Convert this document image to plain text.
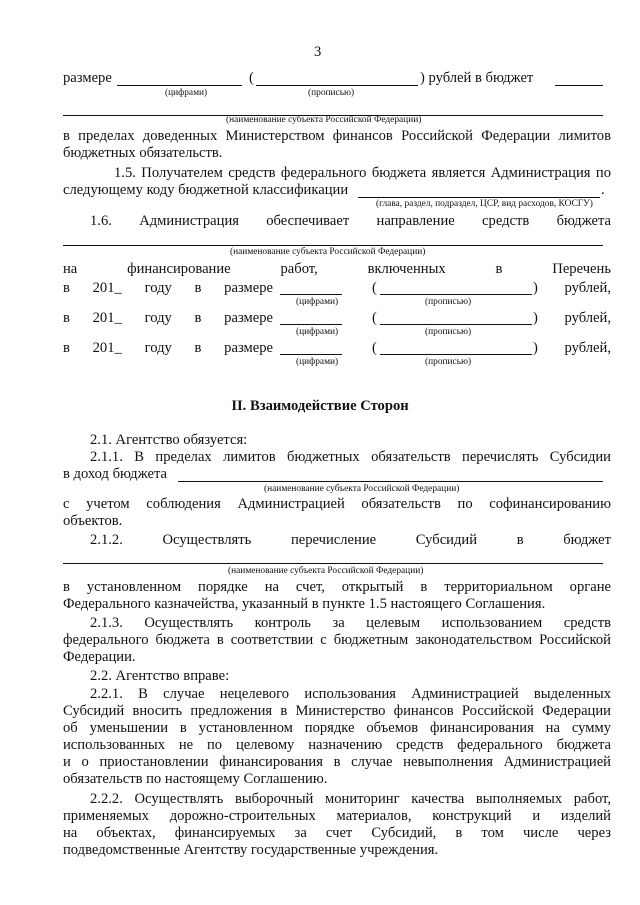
3
размере	(	) рублей в бюджет
(цифрами)	(прописью)
(наименование субъекта Российской Федерации)
в пределах доведенных Министерством финансов Российской Федерации лимитов
бюджетных обязательств.
1.5. Получателем средств федерального бюджета является Администрация по
следующему коду бюджетной классификации	.
(глава, раздел, подраздел, ЦСР, вид расходов, КОСГУ)
1.6. Администрация обеспечивает направление средств бюджета
(наименование субъекта Российской Федерации)
на финансирование работ, включенных в Перечень
в 201_ году в размере	(	) рублей,
(цифрами)	(прописью)
в 201_ году в размере	(	) рублей,
(цифрами)	(прописью)
в 201_ году в размере	(	) рублей,
(цифрами)	(прописью)
II. Взаимодействие Сторон
2.1. Агентство обязуется:
2.1.1. В пределах лимитов бюджетных обязательств перечислять Субсидии
в доход бюджета
(наименование субъекта Российской Федерации)
с учетом соблюдения Администрацией обязательств по софинансированию
объектов.
2.1.2. Осуществлять перечисление Субсидий в бюджет
(наименование субъекта Российской Федерации)
в установленном порядке на счет, открытый в территориальном органе
Федерального казначейства, указанный в пункте 1.5 настоящего Соглашения.
2.1.3. Осуществлять контроль за целевым использованием средств
федерального бюджета в соответствии с бюджетным законодательством Российской
Федерации.
2.2. Агентство вправе:
2.2.1. В случае нецелевого использования Администрацией выделенных
Субсидий вносить предложения в Министерство финансов Российской Федерации
об уменьшении в установленном порядке объемов финансирования на сумму
использованных не по целевому назначению средств федерального бюджета
и о приостановлении финансирования в случае невыполнения Администрацией
обязательств по настоящему Соглашению.
2.2.2. Осуществлять выборочный мониторинг качества выполняемых работ,
применяемых дорожно-строительных материалов, конструкций и изделий
на объектах, финансируемых за счет Субсидий, в том числе через
подведомственные Агентству государственные учреждения.
